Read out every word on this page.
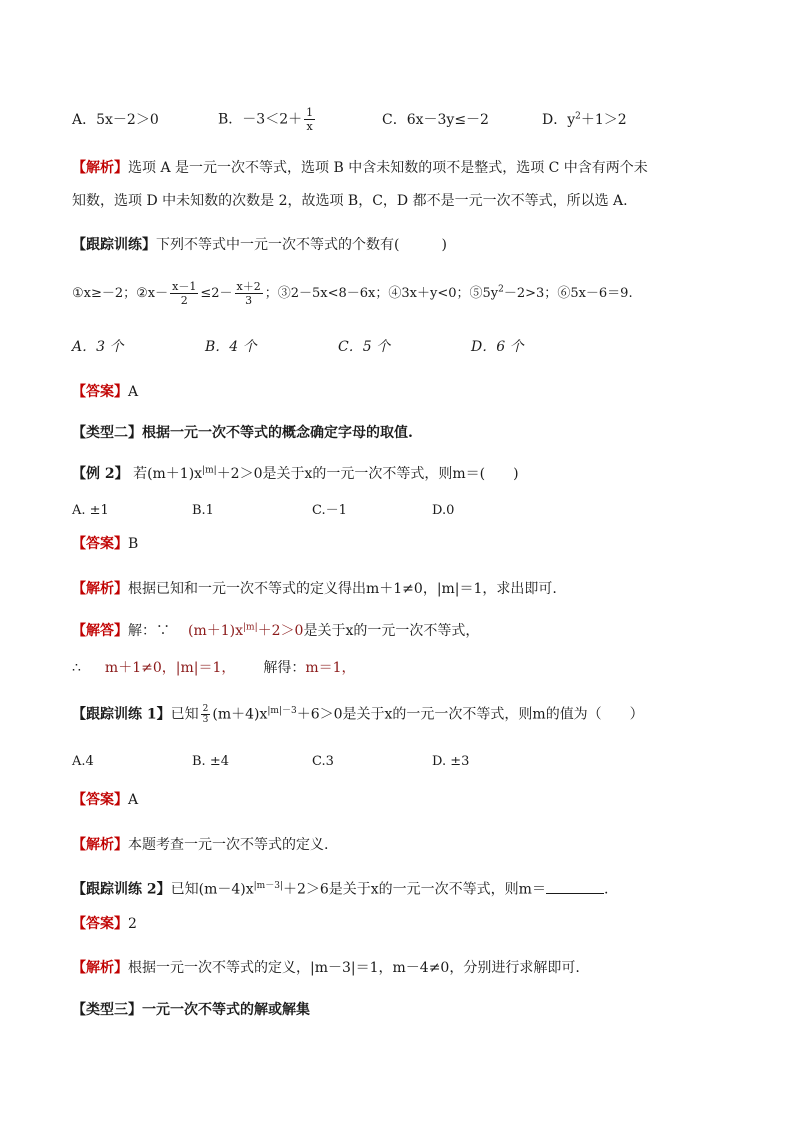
A．5x－2＞0	B．$-3<2+ \frac{1}{x}$	C．6x－3y≤－2	D．$y^2+1>2$
【解析】选项 A 是一元一次不等式，选项 B 中含未知数的项不是整式，选项 C 中含有两个未
知数，选项 D 中未知数的次数是 2，故选项 B，C，D 都不是一元一次不等式，所以选 A.
【跟踪训练】下列不等式中一元一次不等式的个数有(　　　)
①x≥－2；②x－ $\frac{x-1}{2} \le 2- \frac{x+2}{3}$ ；③2－5x<8－6x；④3x＋y<0；$⑤5y^2-2>3$；⑥5x－6＝9.
A．3 个	B．4 个	C．5 个	D．6 个
【答案】A
【类型二】根据一元一次不等式的概念确定字母的取值.
【例 2】 若$(m+1)x^{|m|}+2>0$是关于x的一元一次不等式，则m＝(　　)
A. ±1	B.1	C.－1	D.0
【答案】B
【解析】根据已知和一元一次不等式的定义得出m＋1≠0，|m|＝1，求出即可.
【解答】解：∵ $(m+1)x^{|m|}+2>0$是关于x的一元一次不等式，
∴ m＋1≠0，|m|＝1， 解得：m＝1，
【跟踪训练 1】已知 $\frac{2}{3} (m+4)x^{|m|-3}+6>0$是关于x的一元一次不等式，则m的值为（　　）
A.4	B. ±4	C.3	D. ±3
【答案】A
【解析】本题考查一元一次不等式的定义.
【跟踪训练 2】已知$(m-4)x^{|m-3|}+2>6$是关于x的一元一次不等式，则m＝	.
【答案】2
【解析】根据一元一次不等式的定义，|m－3|＝1，m－4≠0，分别进行求解即可.
【类型三】一元一次不等式的解或解集
